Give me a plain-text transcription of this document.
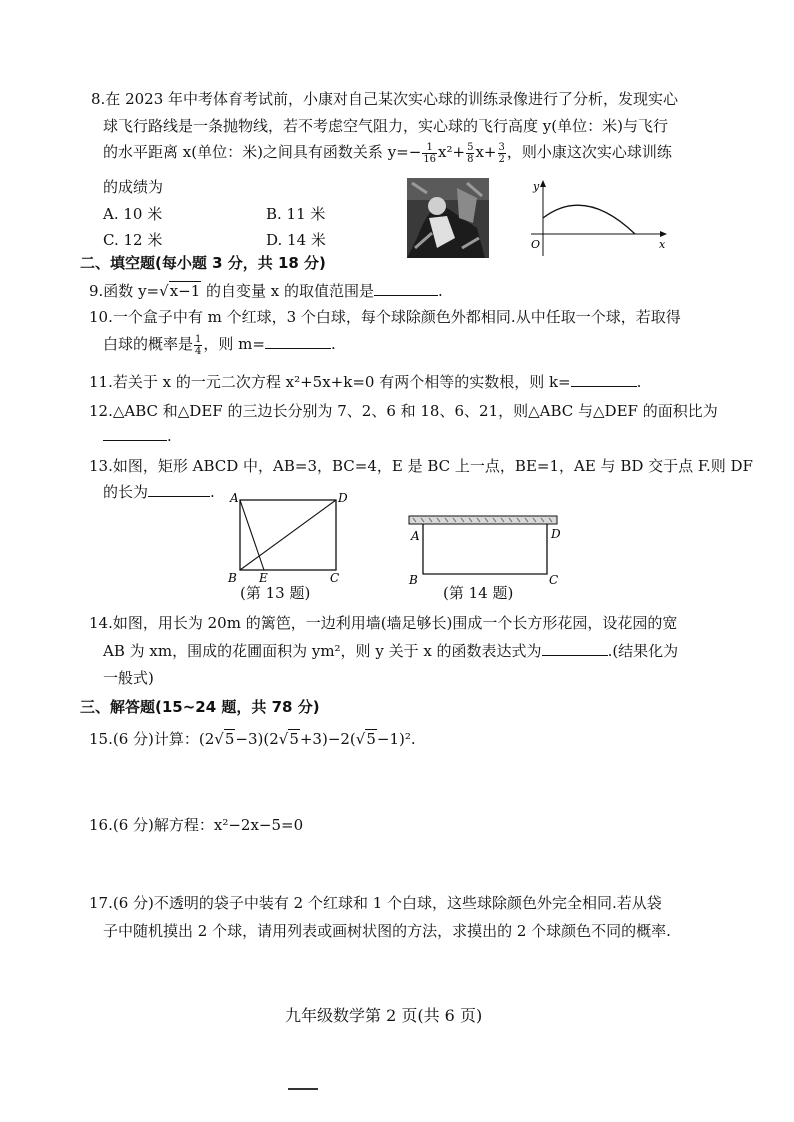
8.在 2023 年中考体育考试前，小康对自己某次实心球的训练录像进行了分析，发现实心
球飞行路线是一条抛物线，若不考虑空气阻力，实心球的飞行高度 y(单位：米)与飞行
的水平距离 x(单位：米)之间具有函数关系 $y=- \frac{1}{16} x^2+ \frac{5}{8} x+ \frac{3}{2}$ ，则小康这次实心球训练
的成绩为
A. 10 米	B. 11 米
C. 12 米	D. 14 米
y
x
O
二、填空题(每小题 3 分，共 18 分)
9.函数 y=√x−1 的自变量 x 的取值范围是	.
10.一个盒子中有 m 个红球，3 个白球，每个球除颜色外都相同.从中任取一个球，若取得
白球的概率是 $\frac{1}{4}$ ，则 m=	.
11.若关于 x 的一元二次方程 x²+5x+k=0 有两个相等的实数根，则 k=	.
12.△ABC 和△DEF 的三边长分别为 7、2、6 和 18、6、21，则△ABC 与△DEF 的面积比为
.
13.如图，矩形 ABCD 中，AB=3，BC=4，E 是 BC 上一点，BE=1，AE 与 BD 交于点 F.则 DF
的长为	. A	D
B E	C
(第 13 题)
A	D
B	C
(第 14 题)
14.如图，用长为 20m 的篱笆，一边利用墙(墙足够长)围成一个长方形花园，设花园的宽
AB 为 xm，围成的花圃面积为 ym²，则 y 关于 x 的函数表达式为	.(结果化为
一般式)
三、解答题(15~24 题，共 78 分)
15.(6 分)计算：(2√5−3)(2√5+3)−2(√5−1)².
16.(6 分)解方程：x²−2x−5=0
17.(6 分)不透明的袋子中装有 2 个红球和 1 个白球，这些球除颜色外完全相同.若从袋
子中随机摸出 2 个球，请用列表或画树状图的方法，求摸出的 2 个球颜色不同的概率.
九年级数学第 2 页(共 6 页)
